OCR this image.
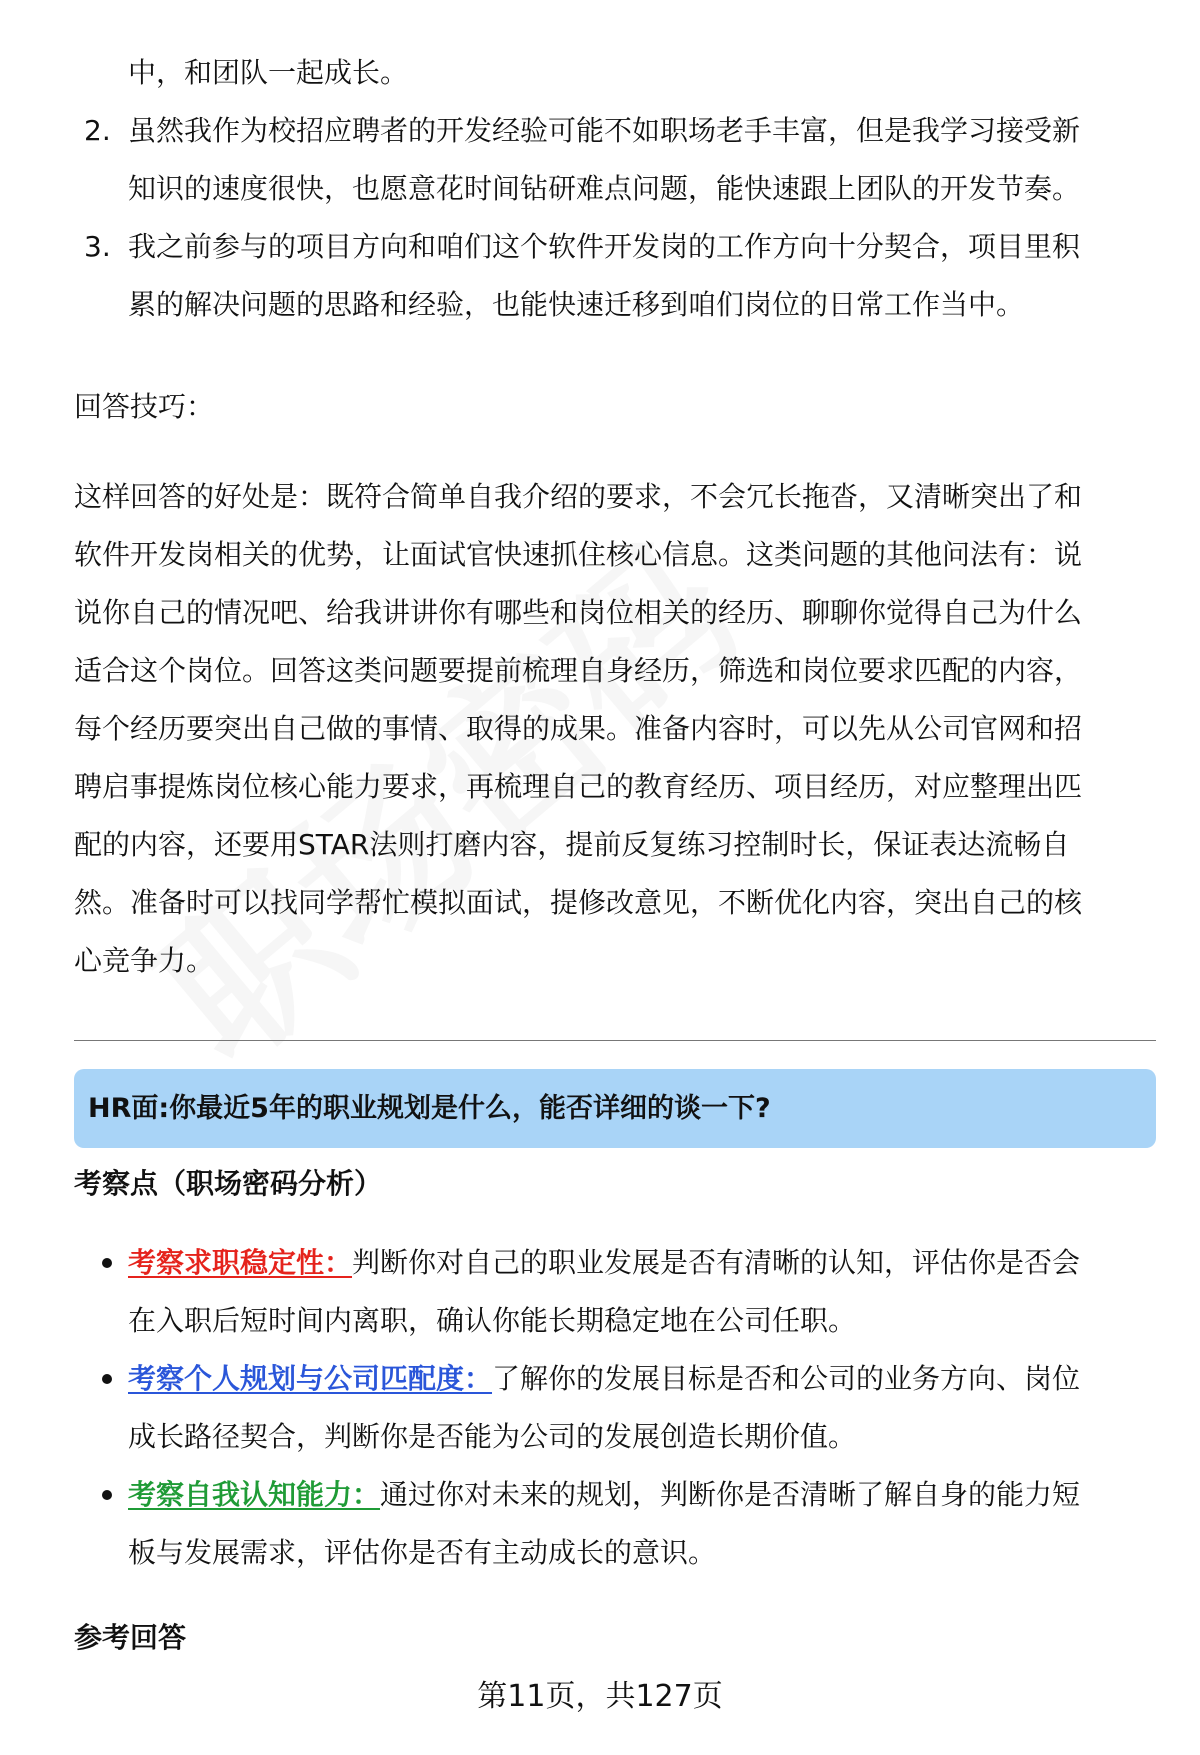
中，和团队一起成长。

2. 虽然我作为校招应聘者的开发经验可能不如职场老手丰富，但是我学习接受新

知识的速度很快，也愿意花时间钻研难点问题，能快速跟上团队的开发节奏。

3. 我之前参与的项目方向和咱们这个软件开发岗的工作方向十分契合，项目里积

累的解决问题的思路和经验，也能快速迁移到咱们岗位的日常工作当中。

回答技巧：

这样回答的好处是：既符合简单自我介绍的要求，不会冗长拖沓，又清晰突出了和

软件开发岗相关的优势，让面试官快速抓住核心信息。这类问题的其他问法有：说

说你自己的情况吧、给我讲讲你有哪些和岗位相关的经历、聊聊你觉得自己为什么

适合这个岗位。回答这类问题要提前梳理自身经历，筛选和岗位要求匹配的内容，

每个经历要突出自己做的事情、取得的成果。准备内容时，可以先从公司官网和招

聘启事提炼岗位核心能力要求，再梳理自己的教育经历、项目经历，对应整理出匹

配的内容，还要用STAR法则打磨内容，提前反复练习控制时长，保证表达流畅自

然。准备时可以找同学帮忙模拟面试，提修改意见，不断优化内容，突出自己的核

心竞争力。

HR面:你最近5年的职业规划是什么，能否详细的谈一下?
考察点（职场密码分析）

考察求职稳定性：判断你对自己的职业发展是否有清晰的认知，评估你是否会

在入职后短时间内离职，确认你能长期稳定地在公司任职。

考察个人规划与公司匹配度：了解你的发展目标是否和公司的业务方向、岗位

成长路径契合，判断你是否能为公司的发展创造长期价值。

考察自我认知能力：通过你对未来的规划，判断你是否清晰了解自身的能力短

板与发展需求，评估你是否有主动成长的意识。

参考回答
第11页，共127页
